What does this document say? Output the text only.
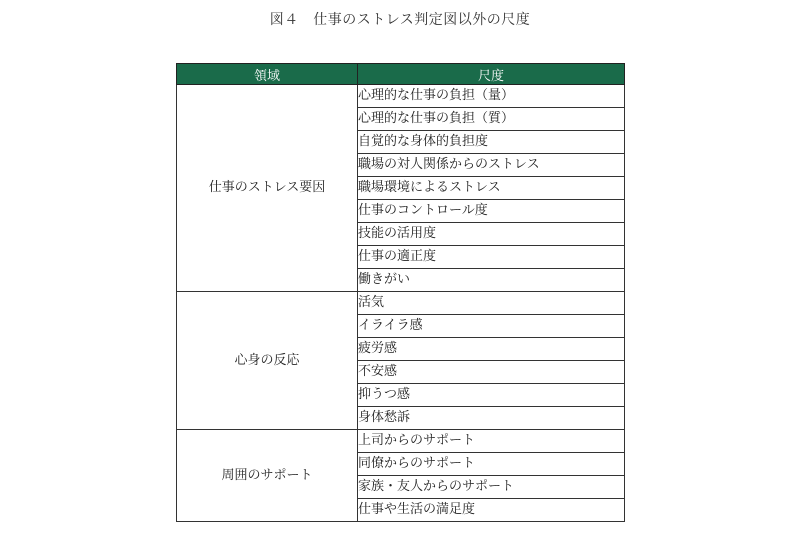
図４　仕事のストレス判定図以外の尺度
領域	尺度
仕事のストレス要因	心理的な仕事の負担（量）
	心理的な仕事の負担（質）
	自覚的な身体的負担度
	職場の対人関係からのストレス
	職場環境によるストレス
	仕事のコントロール度
	技能の活用度
	仕事の適正度
	働きがい
心身の反応	活気
	イライラ感
	疲労感
	不安感
	抑うつ感
	身体愁訴
周囲のサポート	上司からのサポート
	同僚からのサポート
	家族・友人からのサポート
	仕事や生活の満足度
